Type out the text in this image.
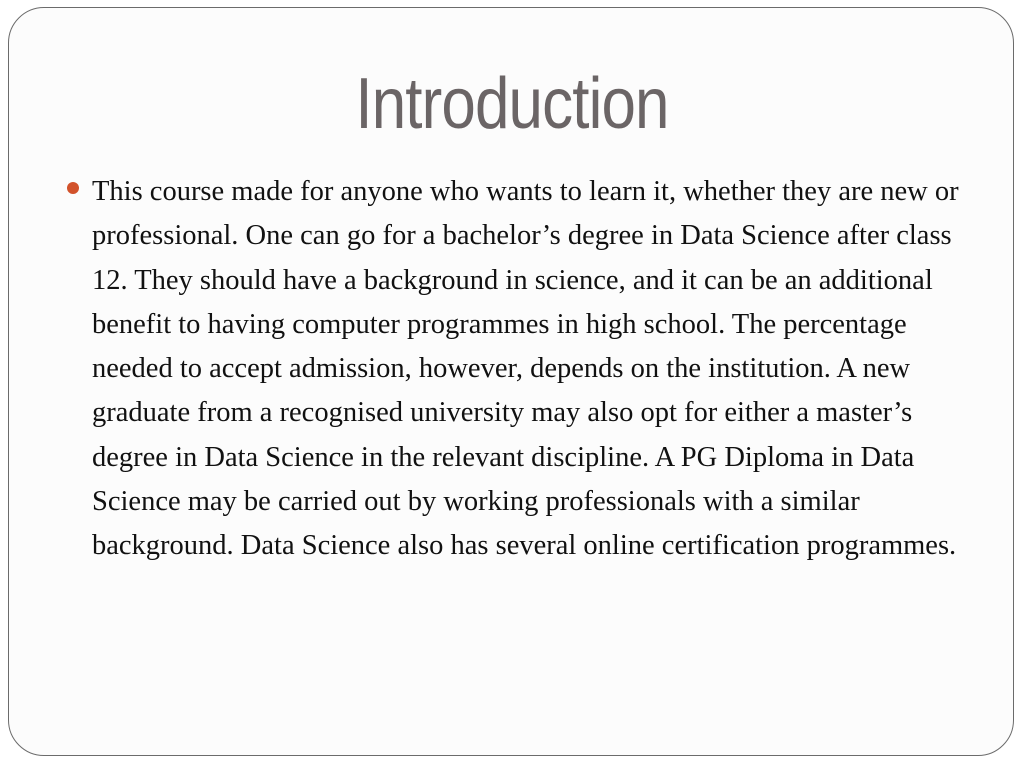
Introduction
This course made for anyone who wants to learn it, whether they are new or professional. One can go for a bachelor’s degree in Data Science after class 12. They should have a background in science, and it can be an additional benefit to having computer programmes in high school. The percentage needed to accept admission, however, depends on the institution. A new graduate from a recognised university may also opt for either a master’s degree in Data Science in the relevant discipline. A PG Diploma in Data Science may be carried out by working professionals with a similar background. Data Science also has several online certification programmes.
